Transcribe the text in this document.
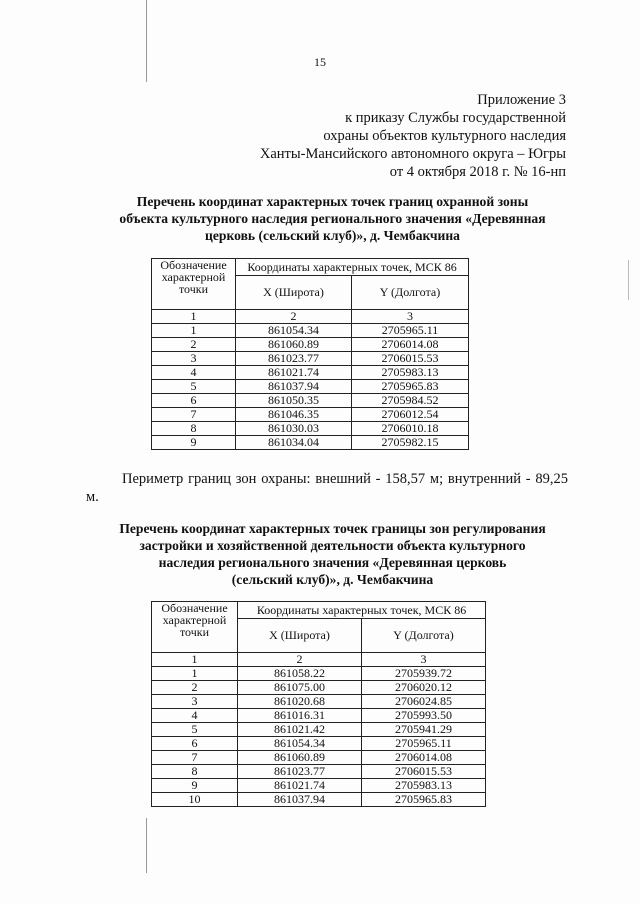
15
Приложение 3
к приказу Службы государственной
охраны объектов культурного наследия
Ханты-Мансийского автономного округа – Югры
от 4 октября 2018 г. № 16-нп
Перечень координат характерных точек границ охранной зоны
объекта культурного наследия регионального значения «Деревянная
церковь (сельский клуб)», д. Чембакчина
Обозначение характерной точки	Координаты характерных точек, МСК 86	
	X (Широта)	Y (Долгота)
1	2	3
1	861054.34	2705965.11
2	861060.89	2706014.08
3	861023.77	2706015.53
4	861021.74	2705983.13
5	861037.94	2705965.83
6	861050.35	2705984.52
7	861046.35	2706012.54
8	861030.03	2706010.18
9	861034.04	2705982.15
Периметр границ зон охраны: внешний - 158,57 м; внутренний - 89,25 м.
Перечень координат характерных точек границы зон регулирования
застройки и хозяйственной деятельности объекта культурного
наследия регионального значения «Деревянная церковь
(сельский клуб)», д. Чембакчина
Обозначение характерной точки	Координаты характерных точек, МСК 86	
	X (Широта)	Y (Долгота)
1	2	3
1	861058.22	2705939.72
2	861075.00	2706020.12
3	861020.68	2706024.85
4	861016.31	2705993.50
5	861021.42	2705941.29
6	861054.34	2705965.11
7	861060.89	2706014.08
8	861023.77	2706015.53
9	861021.74	2705983.13
10	861037.94	2705965.83
